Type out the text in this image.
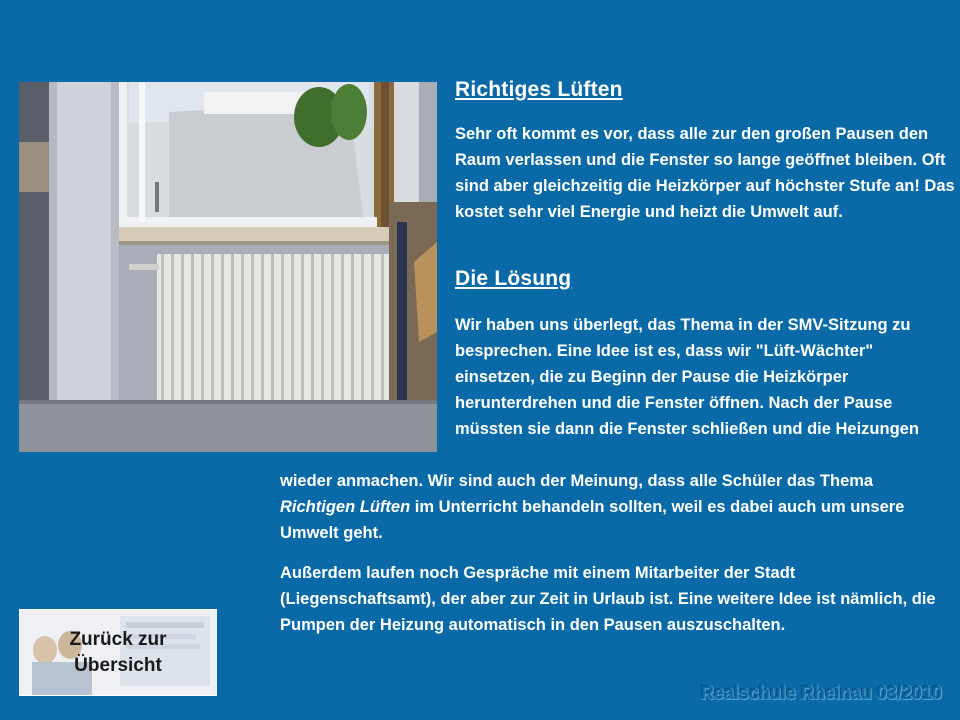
Richtiges Lüften

Sehr oft kommt es vor, dass alle zur den großen Pausen den Raum verlassen und die Fenster so lange geöffnet bleiben. Oft sind aber gleichzeitig die Heizkörper auf höchster Stufe an! Das kostet sehr viel Energie und heizt die Umwelt auf.

Die Lösung

Wir haben uns überlegt, das Thema in der SMV-Sitzung zu besprechen. Eine Idee ist es, dass wir "Lüft-Wächter" einsetzen, die zu Beginn der Pause die Heizkörper herunterdrehen und die Fenster öffnen. Nach der Pause müssten sie dann die Fenster schließen und die Heizungen

wieder anmachen. Wir sind auch der Meinung, dass alle Schüler das Thema Richtigen Lüften im Unterricht behandeln sollten, weil es dabei auch um unsere Umwelt geht.

Außerdem laufen noch Gespräche mit einem Mitarbeiter der Stadt (Liegenschaftsamt), der aber zur Zeit in Urlaub ist. Eine weitere Idee ist nämlich, die Pumpen der Heizung automatisch in den Pausen auszuschalten.

Zurück zur
Übersicht
Realschule Rheinau 03/2010
